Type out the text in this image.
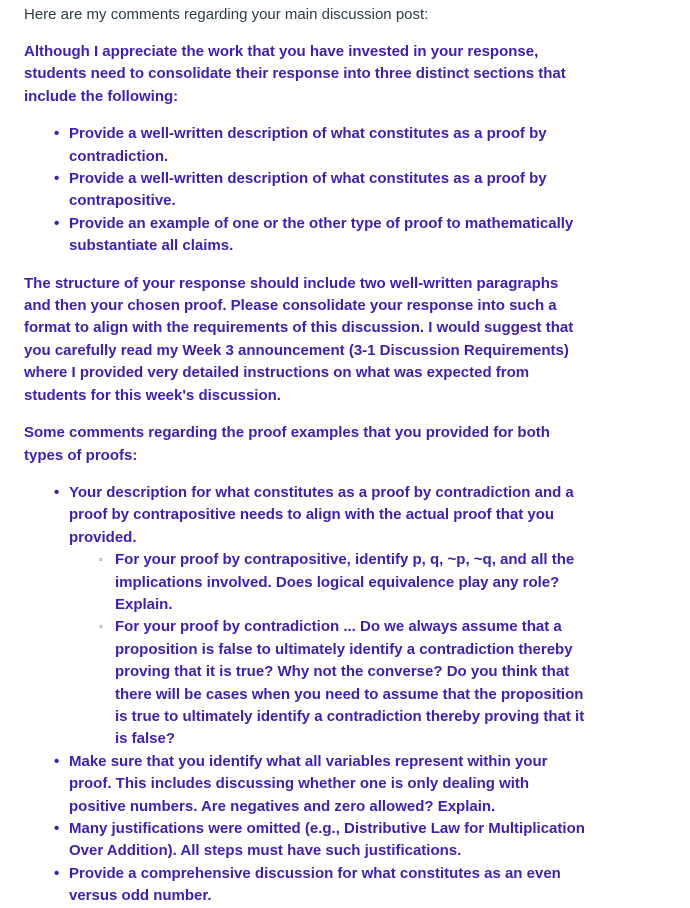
Here are my comments regarding your main discussion post:

Although I appreciate the work that you have invested in your response, students need to consolidate their response into three distinct sections that include the following:

• Provide a well-written description of what constitutes as a proof by contradiction.
• Provide a well-written description of what constitutes as a proof by contrapositive.
• Provide an example of one or the other type of proof to mathematically substantiate all claims.

The structure of your response should include two well-written paragraphs and then your chosen proof. Please consolidate your response into such a format to align with the requirements of this discussion. I would suggest that you carefully read my Week 3 announcement (3-1 Discussion Requirements) where I provided very detailed instructions on what was expected from students for this week's discussion.

Some comments regarding the proof examples that you provided for both types of proofs:

• Your description for what constitutes as a proof by contradiction and a proof by contrapositive needs to align with the actual proof that you provided.
◦ For your proof by contrapositive, identify p, q, ~p, ~q, and all the implications involved. Does logical equivalence play any role? Explain.
◦ For your proof by contradiction ... Do we always assume that a proposition is false to ultimately identify a contradiction thereby proving that it is true? Why not the converse? Do you think that there will be cases when you need to assume that the proposition is true to ultimately identify a contradiction thereby proving that it is false?
• Make sure that you identify what all variables represent within your proof. This includes discussing whether one is only dealing with positive numbers. Are negatives and zero allowed? Explain.
• Many justifications were omitted (e.g., Distributive Law for Multiplication Over Addition). All steps must have such justifications.
• Provide a comprehensive discussion for what constitutes as an even versus odd number.
